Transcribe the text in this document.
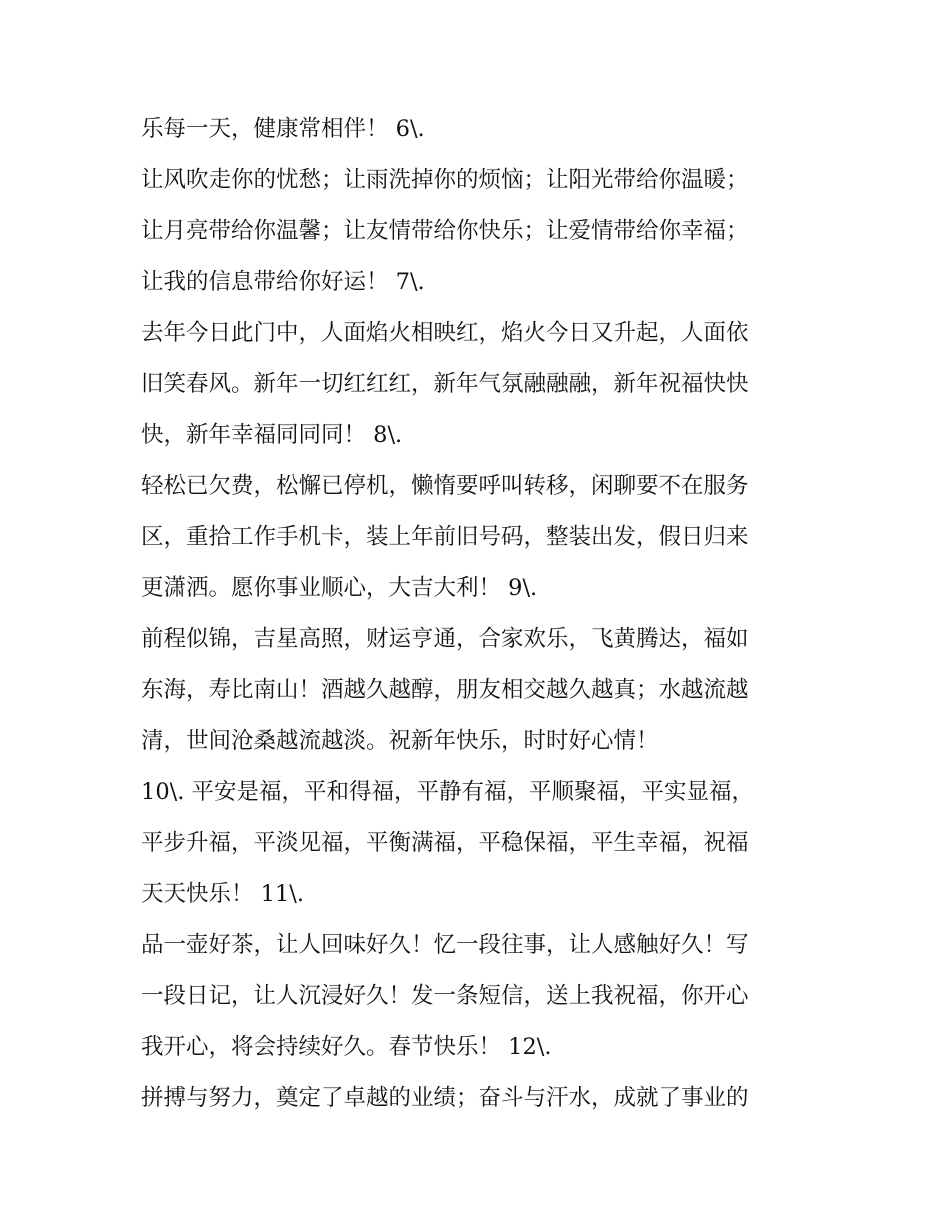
乐每一天，健康常相伴！ 6\.
让风吹走你的忧愁；让雨洗掉你的烦恼；让阳光带给你温暖；
让月亮带给你温馨；让友情带给你快乐；让爱情带给你幸福；
让我的信息带给你好运！ 7\.
去年今日此门中，人面焰火相映红，焰火今日又升起，人面依
旧笑春风。新年一切红红红，新年气氛融融融，新年祝福快快
快，新年幸福同同同！ 8\.
轻松已欠费，松懈已停机，懒惰要呼叫转移，闲聊要不在服务
区，重拾工作手机卡，装上年前旧号码，整装出发，假日归来
更潇洒。愿你事业顺心，大吉大利！ 9\.
前程似锦，吉星高照，财运亨通，合家欢乐，飞黄腾达，福如
东海，寿比南山！酒越久越醇，朋友相交越久越真；水越流越
清，世间沧桑越流越淡。祝新年快乐，时时好心情！
10\. 平安是福，平和得福，平静有福，平顺聚福，平实显福，
平步升福，平淡见福，平衡满福，平稳保福，平生幸福，祝福
天天快乐！ 11\.
品一壶好茶，让人回味好久！忆一段往事，让人感触好久！写
一段日记，让人沉浸好久！发一条短信，送上我祝福，你开心
我开心，将会持续好久。春节快乐！ 12\.
拼搏与努力，奠定了卓越的业绩；奋斗与汗水，成就了事业的
